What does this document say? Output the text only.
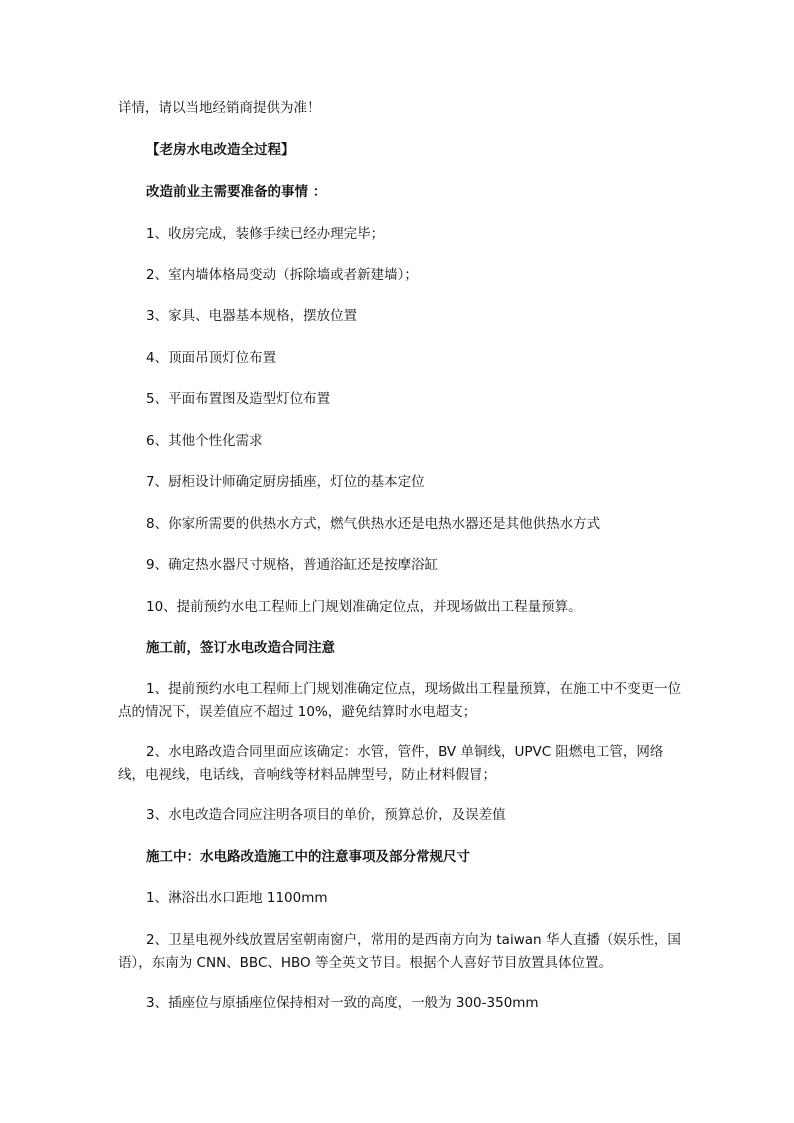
详情，请以当地经销商提供为准！
【老房水电改造全过程】
改造前业主需要准备的事情 ：
1、收房完成，装修手续已经办理完毕；
2、室内墙体格局变动（拆除墙或者新建墙）；
3、家具、电器基本规格，摆放位置
4、顶面吊顶灯位布置
5、平面布置图及造型灯位布置
6、其他个性化需求
7、厨柜设计师确定厨房插座，灯位的基本定位
8、你家所需要的供热水方式，燃气供热水还是电热水器还是其他供热水方式
9、确定热水器尺寸规格，普通浴缸还是按摩浴缸
10、提前预约水电工程师上门规划准确定位点，并现场做出工程量预算。
施工前，签订水电改造合同注意
1、提前预约水电工程师上门规划准确定位点，现场做出工程量预算，在施工中不变更一位点的情况下，误差值应不超过 10%，避免结算时水电超支；
2、水电路改造合同里面应该确定：水管，管件，BV 单铜线，UPVC 阻燃电工管，网络线，电视线，电话线，音响线等材料品牌型号，防止材料假冒；
3、水电改造合同应注明各项目的单价，预算总价，及误差值
施工中：水电路改造施工中的注意事项及部分常规尺寸
1、淋浴出水口距地 1100mm
2、卫星电视外线放置居室朝南窗户，常用的是西南方向为 taiwan 华人直播（娱乐性，国语），东南为 CNN、BBC、HBO 等全英文节目。根据个人喜好节目放置具体位置。
3、插座位与原插座位保持相对一致的高度，一般为 300-350mm
